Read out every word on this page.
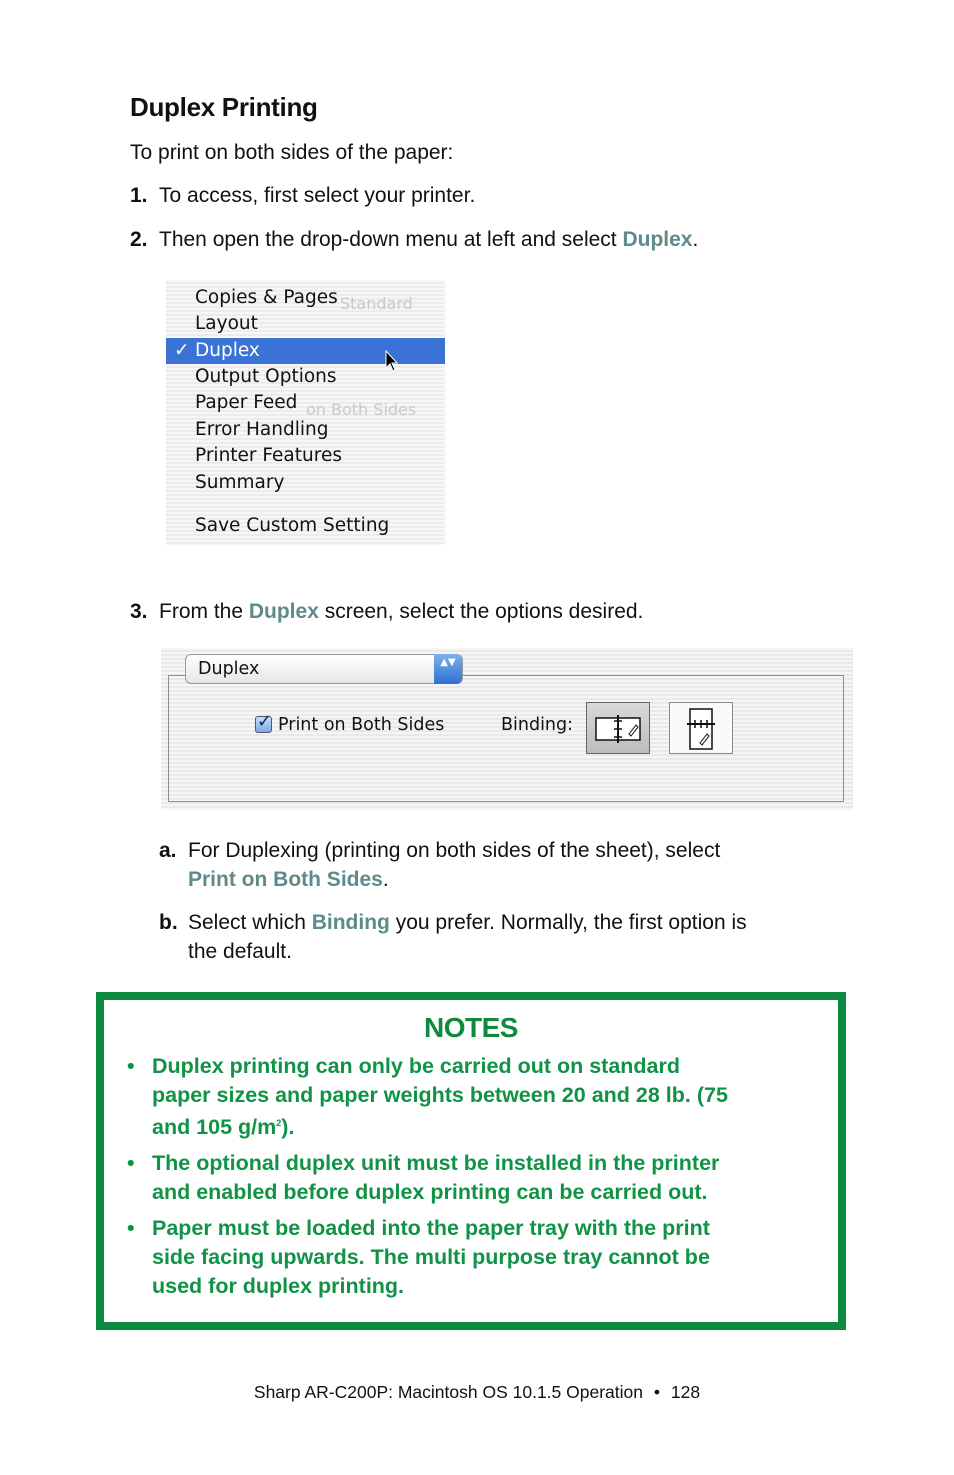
Duplex Printing
To print on both sides of the paper:
1. To access, first select your printer.
2. Then open the drop-down menu at left and select Duplex.
Standard
on Both Sides
Copies & Pages
Layout
✓ Duplex
Output Options
Paper Feed
Error Handling
Printer Features
Summary
Save Custom Setting
3. From the Duplex screen, select the options desired.
Duplex	▲▼
✓ Print on Both Sides	Binding:
a. For Duplexing (printing on both sides of the sheet), select
Print on Both Sides.
b. Select which Binding you prefer. Normally, the first option is
the default.
NOTES
• Duplex printing can only be carried out on standard
paper sizes and paper weights between 20 and 28 lb. (75
and 105 $g/m^2$).
• The optional duplex unit must be installed in the printer
and enabled before duplex printing can be carried out.
• Paper must be loaded into the paper tray with the print
side facing upwards. The multi purpose tray cannot be
used for duplex printing.
Sharp AR-C200P: Macintosh OS 10.1.5 Operation • 128
